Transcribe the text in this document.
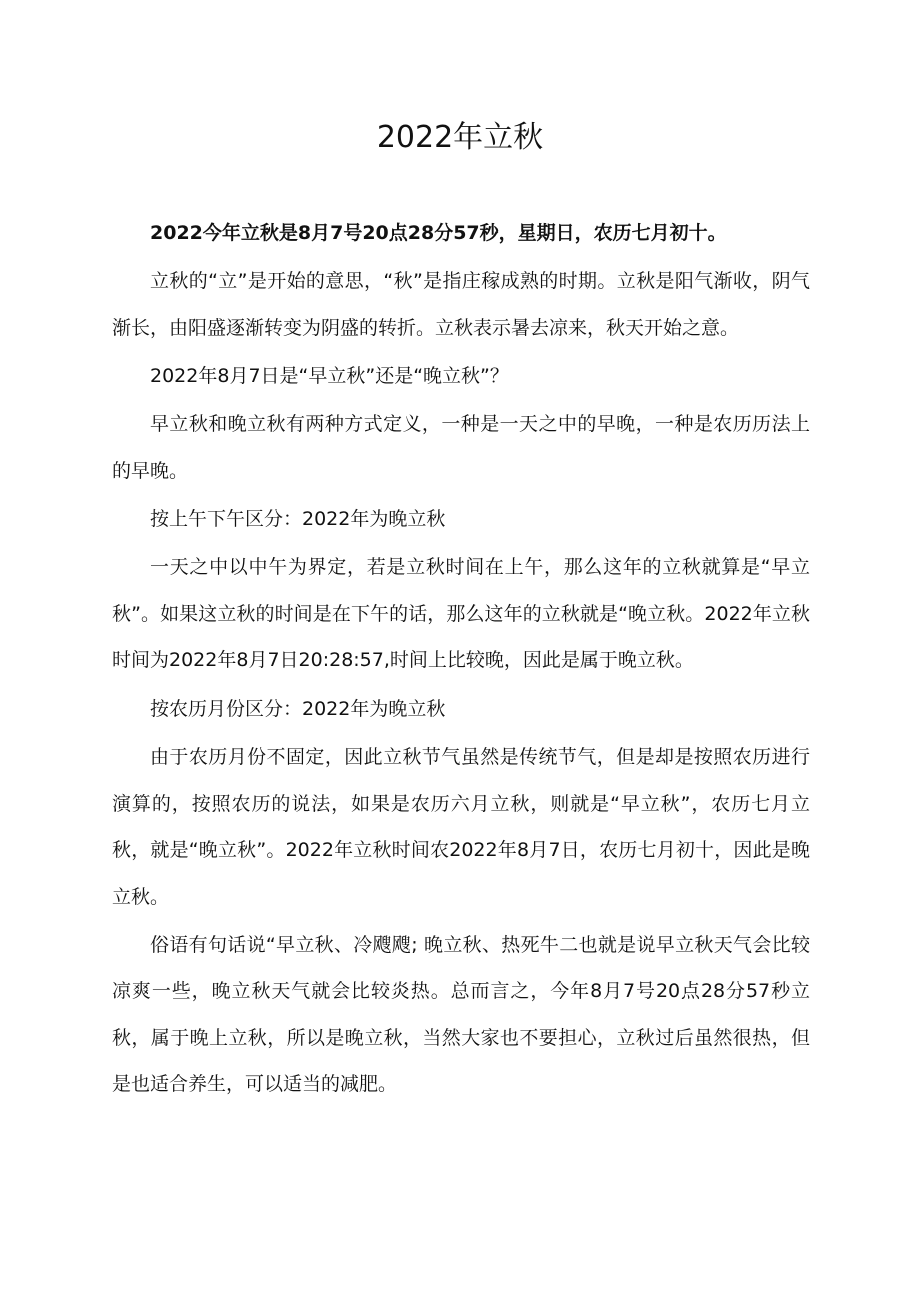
2022年立秋

2022今年立秋是8月7号20点28分57秒，星期日，农历七月初十。

立秋的“立”是开始的意思，“秋”是指庄稼成熟的时期。立秋是阳气渐收，阴气渐长，由阳盛逐渐转变为阴盛的转折。立秋表示暑去凉来，秋天开始之意。

2022年8月7日是“早立秋”还是“晚立秋”？

早立秋和晚立秋有两种方式定义，一种是一天之中的早晚，一种是农历历法上的早晚。

按上午下午区分：2022年为晚立秋

一天之中以中午为界定，若是立秋时间在上午，那么这年的立秋就算是“早立秋”。如果这立秋的时间是在下午的话，那么这年的立秋就是“晚立秋。2022年立秋时间为2022年8月7日20:28:57,时间上比较晚，因此是属于晚立秋。

按农历月份区分：2022年为晚立秋

由于农历月份不固定，因此立秋节气虽然是传统节气，但是却是按照农历进行演算的，按照农历的说法，如果是农历六月立秋，则就是“早立秋”，农历七月立秋，就是“晚立秋”。2022年立秋时间农2022年8月7日，农历七月初十，因此是晚立秋。

俗语有句话说“早立秋、冷飕飕; 晚立秋、热死牛二也就是说早立秋天气会比较凉爽一些，晚立秋天气就会比较炎热。总而言之，今年8月7号20点28分57秒立秋，属于晚上立秋，所以是晚立秋，当然大家也不要担心，立秋过后虽然很热，但是也适合养生，可以适当的减肥。
